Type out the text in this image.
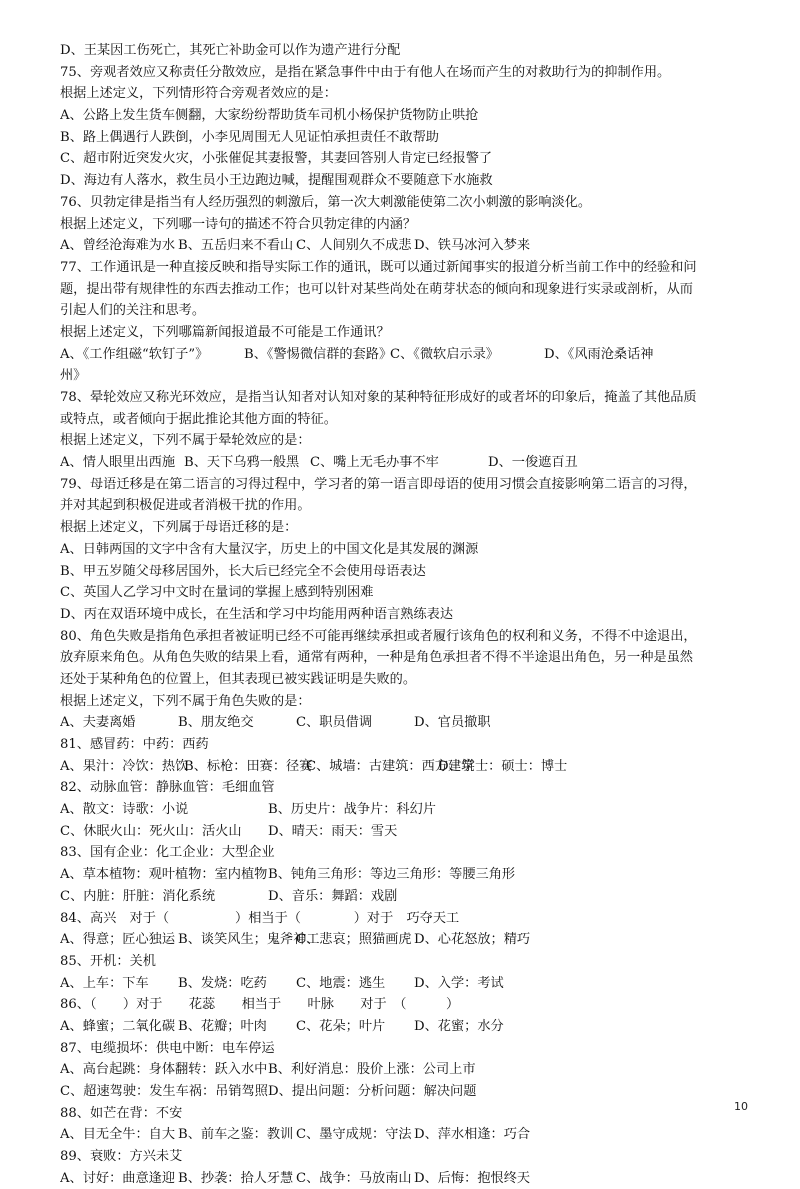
D、王某因工伤死亡，其死亡补助金可以作为遗产进行分配
75、旁观者效应又称责任分散效应，是指在紧急事件中由于有他人在场而产生的对救助行为的抑制作用。
根据上述定义，下列情形符合旁观者效应的是：
A、公路上发生货车侧翻，大家纷纷帮助货车司机小杨保护货物防止哄抢
B、路上偶遇行人跌倒，小李见周围无人见证怕承担责任不敢帮助
C、超市附近突发火灾，小张催促其妻报警，其妻回答别人肯定已经报警了
D、海边有人落水，救生员小王边跑边喊，提醒围观群众不要随意下水施救
76、贝勃定律是指当有人经历强烈的刺激后，第一次大刺激能使第二次小刺激的影响淡化。
根据上述定义，下列哪一诗句的描述不符合贝勃定律的内涵？
A、曾经沧海难为水 B、五岳归来不看山 C、人间别久不成悲 D、铁马冰河入梦来
77、工作通讯是一种直接反映和指导实际工作的通讯，既可以通过新闻事实的报道分析当前工作中的经验和问
题，提出带有规律性的东西去推动工作；也可以针对某些尚处在萌芽状态的倾向和现象进行实录或剖析，从而
引起人们的关注和思考。
根据上述定义，下列哪篇新闻报道最不可能是工作通讯？
A、《工作组磁“软钉子”》	B、《警惕微信群的套路》
C、《微软启示录》	D、《风雨沧桑话神
州》
78、晕轮效应又称光环效应，是指当认知者对认知对象的某种特征形成好的或者坏的印象后，掩盖了其他品质
或特点，或者倾向于据此推论其他方面的特征。
根据上述定义，下列不属于晕轮效应的是：
A、情人眼里出西施 B、天下乌鸦一般黑 C、嘴上无毛办事不牢	D、一俊遮百丑
79、母语迁移是在第二语言的习得过程中，学习者的第一语言即母语的使用习惯会直接影响第二语言的习得，
并对其起到积极促进或者消极干扰的作用。
根据上述定义，下列属于母语迁移的是：
A、日韩两国的文字中含有大量汉字，历史上的中国文化是其发展的渊源
B、甲五岁随父母移居国外，长大后已经完全不会使用母语表达
C、英国人乙学习中文时在量词的掌握上感到特别困难
D、丙在双语环境中成长，在生活和学习中均能用两种语言熟练表达
80、角色失败是指角色承担者被证明已经不可能再继续承担或者履行该角色的权利和义务，不得不中途退出，
放弃原来角色。从角色失败的结果上看，通常有两种，一种是角色承担者不得不半途退出角色，另一种是虽然
还处于某种角色的位置上，但其表现已被实践证明是失败的。
根据上述定义，下列不属于角色失败的是：
A、夫妻离婚	B、朋友绝交	C、职员借调	D、官员撤职
81、感冒药：中药：西药
A、果汁：冷饮：热饮
B、标枪：田赛：径赛
C、城墙：古建筑：西方建筑
D、学士：硕士：博士
82、动脉血管：静脉血管：毛细血管
A、散文：诗歌：小说	B、历史片：战争片：科幻片
C、休眠火山：死火山：活火山 D、晴天：雨天：雪天
83、国有企业：化工企业：大型企业
A、草本植物：观叶植物：室内植物 B、钝角三角形：等边三角形：等腰三角形
C、内脏：肝脏：消化系统	D、音乐：舞蹈：戏剧
84、高兴　对于（　　　　　）相当于（　　　　）对于　巧夺天工
A、得意；匠心独运 B、谈笑风生；鬼斧神工
C、悲哀；照猫画虎 D、心花怒放；精巧
85、开机：关机
A、上车：下车 B、发烧：吃药 C、地震：逃生 D、入学：考试
86、（　　）对于　　花蕊　　相当于　　叶脉　　对于　（　　　）
A、蜂蜜；二氧化碳 B、花瓣；叶肉 C、花朵；叶片 D、花蜜；水分
87、电缆损坏：供电中断：电车停运
A、高台起跳：身体翻转：跃入水中 B、利好消息：股价上涨：公司上市
C、超速驾驶：发生车祸：吊销驾照 D、提出问题：分析问题：解决问题
88、如芒在背：不安
A、目无全牛：自大 B、前车之鉴：教训 C、墨守成规：守法 D、萍水相逢：巧合
89、衰败：方兴未艾
A、讨好：曲意逢迎 B、抄袭：拾人牙慧 C、战争：马放南山 D、后悔：抱恨终天
10
